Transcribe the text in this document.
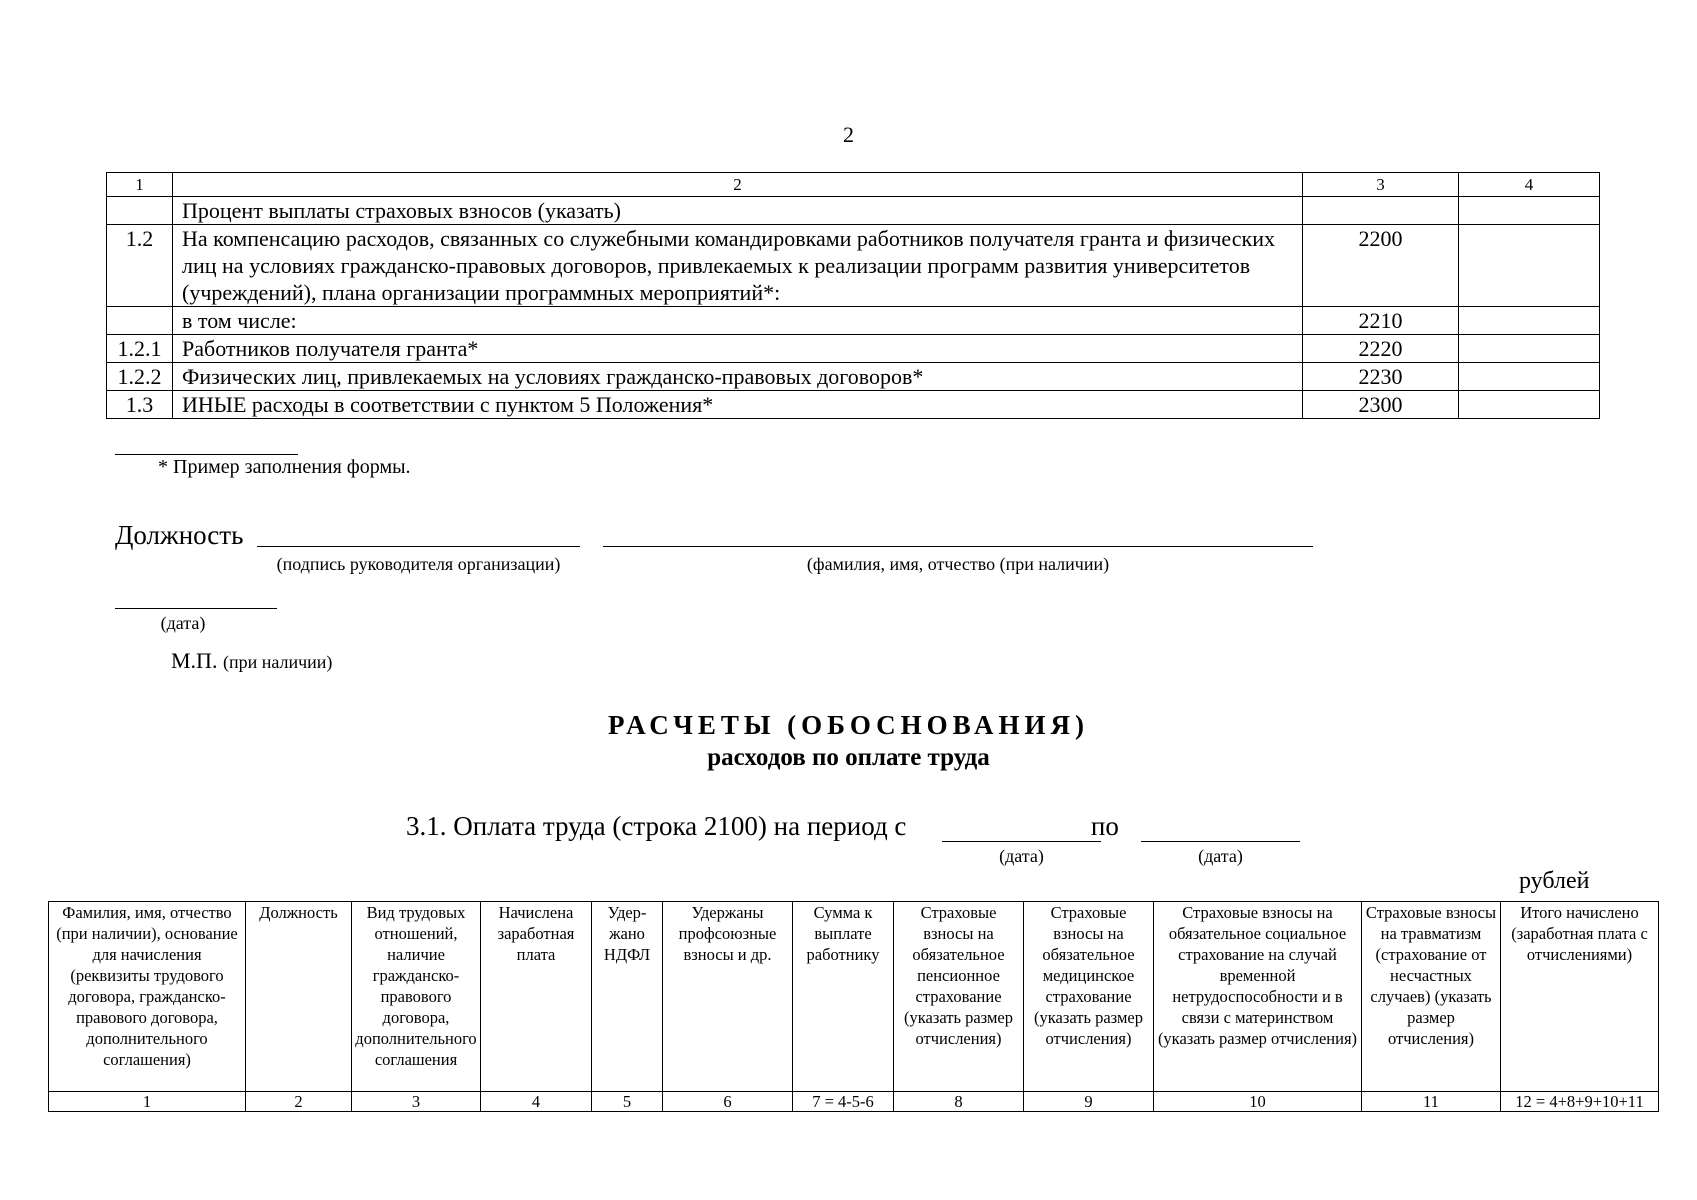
2
1	2	3	4
	Процент выплаты страховых взносов (указать)		
1.2	На компенсацию расходов, связанных со служебными командировками работников получателя гранта и физических лиц на условиях гражданско-правовых договоров, привлекаемых к реализации программ развития университетов (учреждений), плана организации программных мероприятий*:	2200	
	в том числе:	2210	
1.2.1	Работников получателя гранта*	2220	
1.2.2	Физических лиц, привлекаемых на условиях гражданско-правовых договоров*	2230	
1.3	ИНЫЕ расходы в соответствии с пунктом 5 Положения*	2300	
* Пример заполнения формы.
Должность
(подпись руководителя организации)	(фамилия, имя, отчество (при наличии)
(дата)
М.П. (при наличии)
РАСЧЕТЫ (ОБОСНОВАНИЯ)
расходов по оплате труда
3.1. Оплата труда (строка 2100) на период с	по
(дата)	(дата)
рублей
Фамилия, имя, отчество (при наличии), основание для начисления (реквизиты трудового договора, гражданско-правового договора, дополнительного соглашения)	Должность	Вид трудовых отношений, наличие гражданско-правового договора, дополнительного соглашения	Начислена заработная плата	Удер-жано НДФЛ	Удержаны профсоюзные взносы и др.	Сумма к выплате работнику	Страховые взносы на обязательное пенсионное страхование (указать размер отчисления)	Страховые взносы на обязательное медицинское страхование (указать размер отчисления)	Страховые взносы на обязательное социальное страхование на случай временной нетрудоспособности и в связи с материнством (указать размер отчисления)	Страховые взносы на травматизм (страхование от несчастных случаев) (указать размер отчисления)	Итого начислено (заработная плата с отчислениями)
1	2	3	4	5	6	7 = 4-5-6	8	9	10	11	12 = 4+8+9+10+11
